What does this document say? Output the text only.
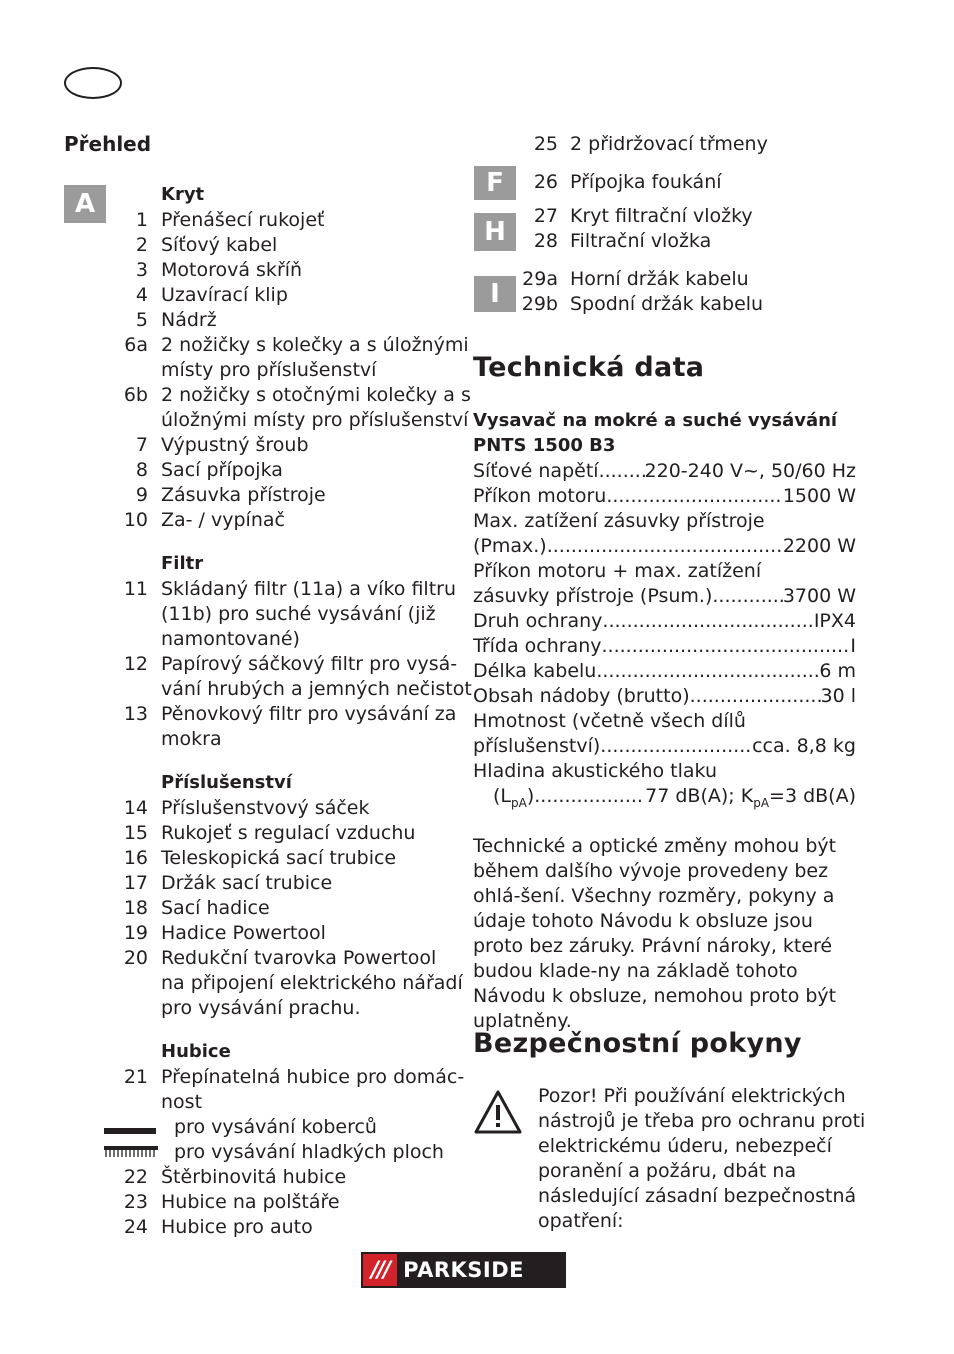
Přehled
A	Kryt
1 Přenášecí rukojeť
2 Síťový kabel
3 Motorová skříň
4 Uzavírací klip
5 Nádrž
6a 2 nožičky s kolečky a s úložnými
místy pro příslušenství
6b 2 nožičky s otočnými kolečky a s
úložnými místy pro příslušenství
7 Výpustný šroub
8 Sací přípojka
9 Zásuvka přístroje
10 Za- / vypínač
Filtr
11 Skládaný filtr (11a) a víko filtru
(11b) pro suché vysávání (již
namontované)
12 Papírový sáčkový filtr pro vysá-
vání hrubých a jemných nečistot
13 Pěnovkový filtr pro vysávání za
mokra
Příslušenství
14 Příslušenstvový sáček
15 Rukojeť s regulací vzduchu
16 Teleskopická sací trubice
17 Držák sací trubice
18 Sací hadice
19 Hadice Powertool
20 Redukční tvarovka Powertool
na připojení elektrického nářadí
pro vysávání prachu.
Hubice
21 Přepínatelná hubice pro domác-
nost
pro vysávání koberců
pro vysávání hladkých ploch
22 Štěrbinovitá hubice
23 Hubice na polštáře
24 Hubice pro auto
25 2 přidržovací třmeny
26 Přípojka foukání
27 Kryt filtrační vložky
28 Filtrační vložka
29a Horní držák kabelu
29b Spodní držák kabelu
F
H
I
Technická data
Vysavač na mokré a suché vysávání
PNTS 1500 B3
Síťové napětí ..... 220-240 V~, 50/60 Hz
Příkon motoru .....	1500 W
Max. zatížení zásuvky přístroje
(Pmax.) .....	2200 W
Příkon motoru + max. zatížení
zásuvky přístroje (Psum.) .....	3700 W
Druh ochrany .....	IPX4
Třída ochrany .....	I
Délka kabelu .....	6 m
Obsah nádoby (brutto) .....	30 l
Hmotnost (včetně všech dílů
příslušenství) .....	cca. 8,8 kg
Hladina akustického tlaku
$(L_{pA})$ .....	77 dB(A); $K_{pA}=3$ dB(A)
Technické a optické změny mohou být během dalšího vývoje provedeny bez ohlá-šení. Všechny rozměry, pokyny a údaje tohoto Návodu k obsluze jsou proto bez záruky. Právní nároky, které budou klade-ny na základě tohoto Návodu k obsluze, nemohou proto být uplatněny.
Bezpečnostní pokyny
Pozor! Při používání elektrických
nástrojů je třeba pro ochranu proti
elektrickému úderu, nebezpečí
poranění a požáru, dbát na
následující zásadní bezpečnostná
opatření:
/// PARKSIDE
